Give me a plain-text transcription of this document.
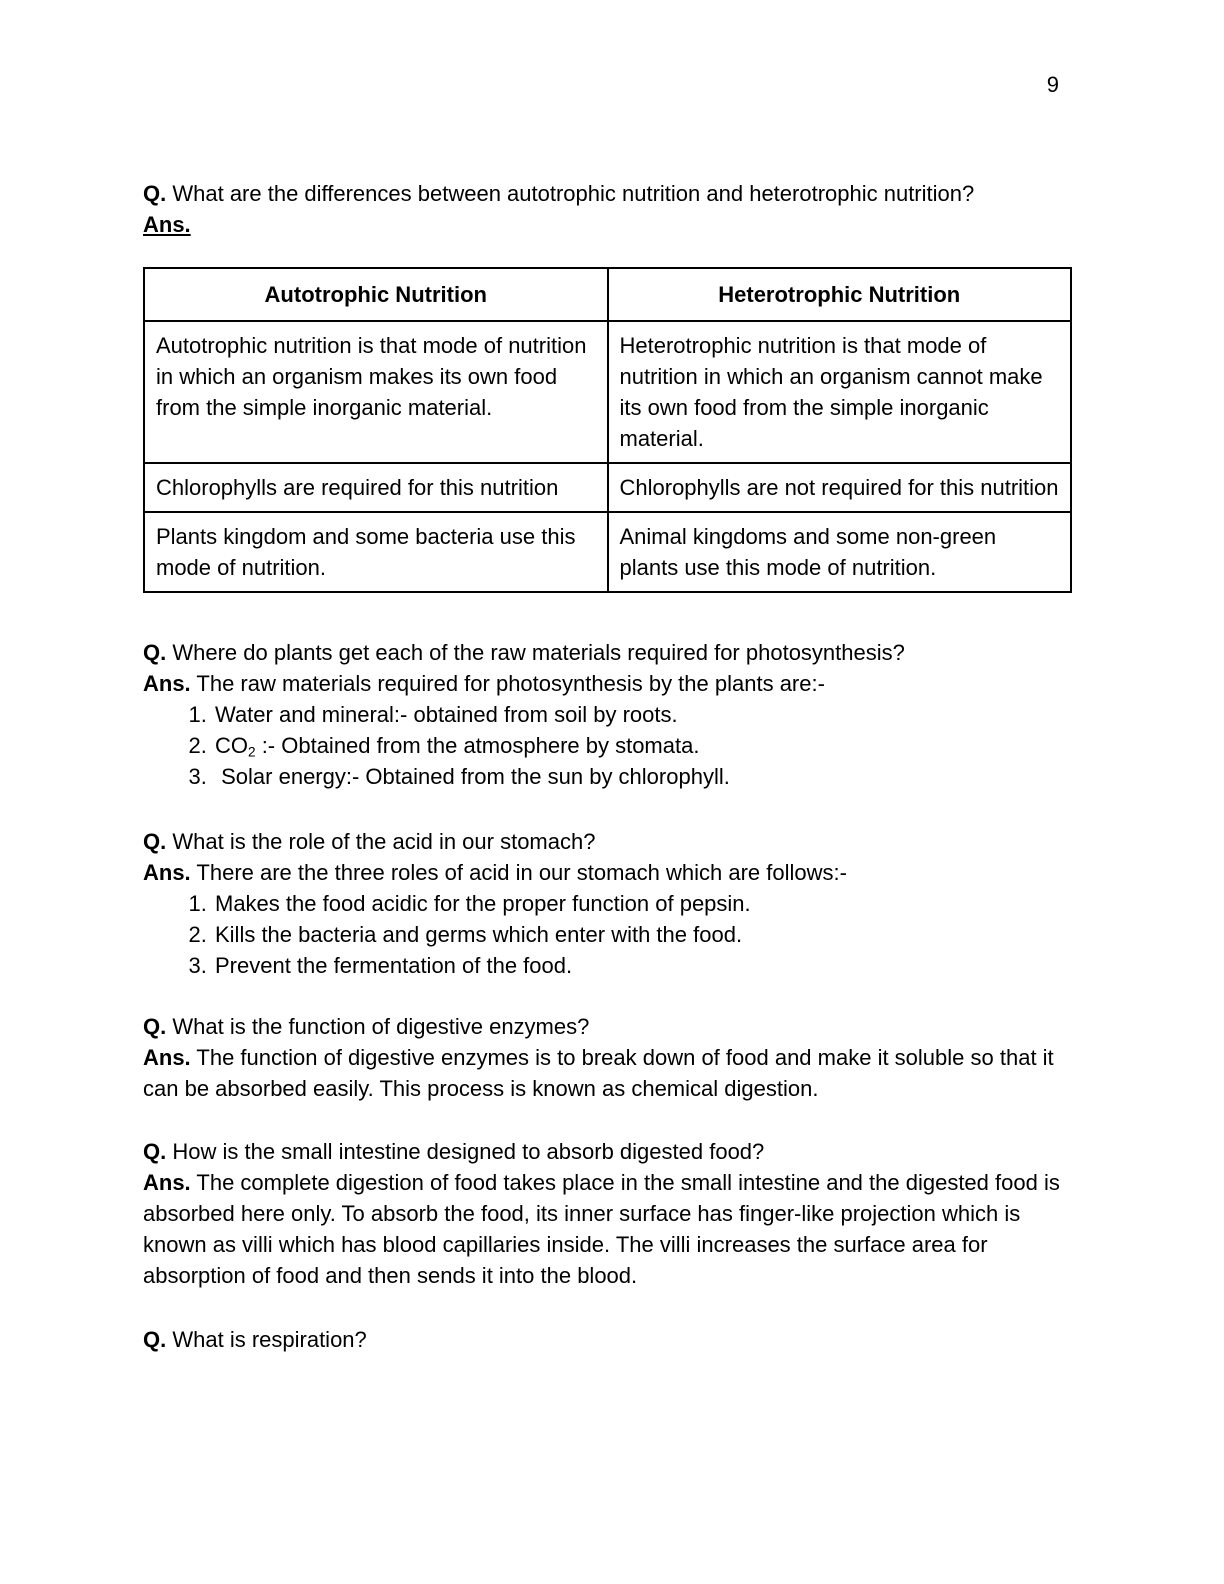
9
Q. What are the differences between autotrophic nutrition and heterotrophic nutrition?
Ans.
Autotrophic Nutrition	Heterotrophic Nutrition
Autotrophic nutrition is that mode of nutrition in which an organism makes its own food from the simple inorganic material.	Heterotrophic nutrition is that mode of nutrition in which an organism cannot make its own food from the simple inorganic material.
Chlorophylls are required for this nutrition	Chlorophylls are not required for this nutrition
Plants kingdom and some bacteria use this mode of nutrition.	Animal kingdoms and some non-green plants use this mode of nutrition.
Q. Where do plants get each of the raw materials required for photosynthesis?
Ans. The raw materials required for photosynthesis by the plants are:-
1. Water and mineral:- obtained from soil by roots.
2. $CO_2$ :- Obtained from the atmosphere by stomata.
3.  Solar energy:- Obtained from the sun by chlorophyll.
Q. What is the role of the acid in our stomach?
Ans. There are the three roles of acid in our stomach which are follows:-
1. Makes the food acidic for the proper function of pepsin.
2. Kills the bacteria and germs which enter with the food.
3. Prevent the fermentation of the food.
Q. What is the function of digestive enzymes?
Ans. The function of digestive enzymes is to break down of food and make it soluble so that it can be absorbed easily. This process is known as chemical digestion.
Q. How is the small intestine designed to absorb digested food?
Ans. The complete digestion of food takes place in the small intestine and the digested food is absorbed here only. To absorb the food, its inner surface has finger-like projection which is known as villi which has blood capillaries inside. The villi increases the surface area for absorption of food and then sends it into the blood.
Q. What is respiration?
